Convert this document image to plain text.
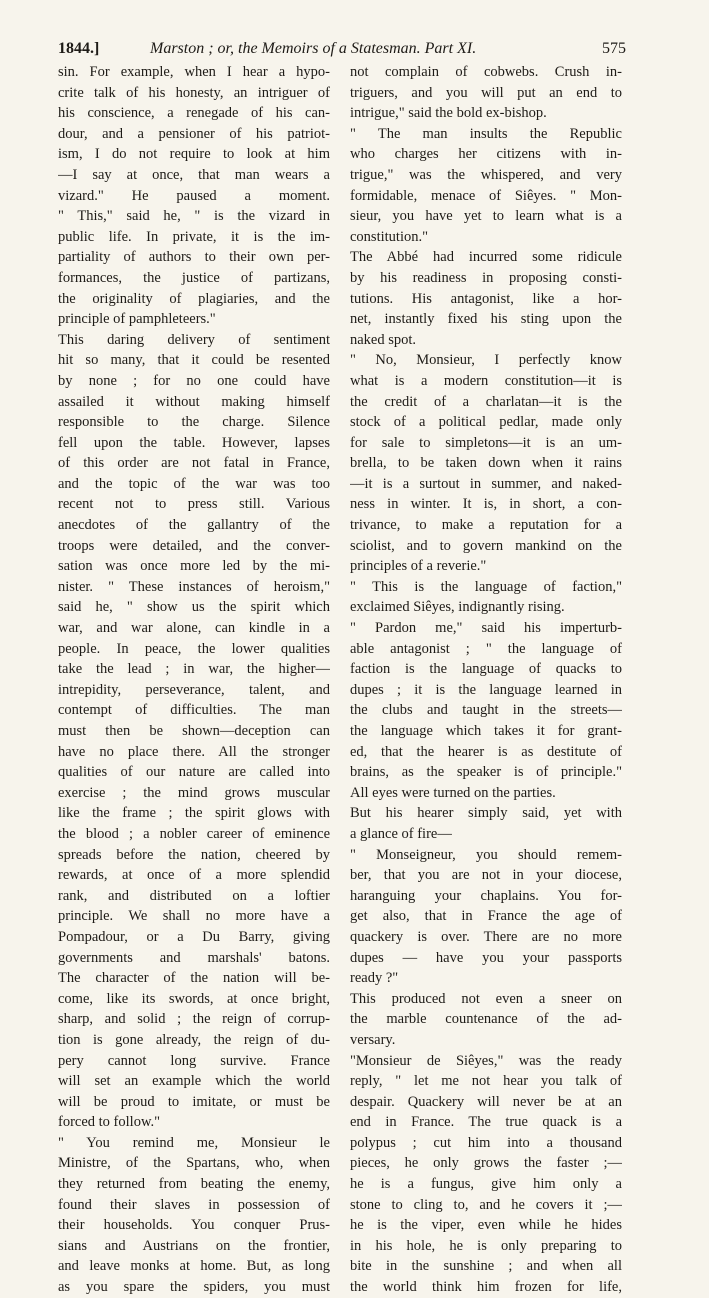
1844.]	Marston ; or, the Memoirs of a Statesman. Part XI.	575
sin. For example, when I hear a hypo-
crite talk of his honesty, an intriguer of
his conscience, a renegade of his can-
dour, and a pensioner of his patriot-
ism, I do not require to look at him
—I say at once, that man wears a
vizard." He paused a moment.
" This," said he, " is the vizard in
public life. In private, it is the im-
partiality of authors to their own per-
formances, the justice of partizans,
the originality of plagiaries, and the
principle of pamphleteers."
This daring delivery of sentiment
hit so many, that it could be resented
by none ; for no one could have
assailed it without making himself
responsible to the charge. Silence
fell upon the table. However, lapses
of this order are not fatal in France,
and the topic of the war was too
recent not to press still. Various
anecdotes of the gallantry of the
troops were detailed, and the conver-
sation was once more led by the mi-
nister. " These instances of heroism,"
said he, " show us the spirit which
war, and war alone, can kindle in a
people. In peace, the lower qualities
take the lead ; in war, the higher—
intrepidity, perseverance, talent, and
contempt of difficulties. The man
must then be shown—deception can
have no place there. All the stronger
qualities of our nature are called into
exercise ; the mind grows muscular
like the frame ; the spirit glows with
the blood ; a nobler career of eminence
spreads before the nation, cheered by
rewards, at once of a more splendid
rank, and distributed on a loftier
principle. We shall no more have a
Pompadour, or a Du Barry, giving
governments and marshals' batons.
The character of the nation will be-
come, like its swords, at once bright,
sharp, and solid ; the reign of corrup-
tion is gone already, the reign of du-
pery cannot long survive. France
will set an example which the world
will be proud to imitate, or must be
forced to follow."
" You remind me, Monsieur le
Ministre, of the Spartans, who, when
they returned from beating the enemy,
found their slaves in possession of
their households. You conquer Prus-
sians and Austrians on the frontier,
and leave monks at home. But, as long
as you spare the spiders, you must
not complain of cobwebs. Crush in-
triguers, and you will put an end to
intrigue," said the bold ex-bishop.
" The man insults the Republic
who charges her citizens with in-
trigue," was the whispered, and very
formidable, menace of Siêyes. " Mon-
sieur, you have yet to learn what is a
constitution."
The Abbé had incurred some ridicule
by his readiness in proposing consti-
tutions. His antagonist, like a hor-
net, instantly fixed his sting upon the
naked spot.
" No, Monsieur, I perfectly know
what is a modern constitution—it is
the credit of a charlatan—it is the
stock of a political pedlar, made only
for sale to simpletons—it is an um-
brella, to be taken down when it rains
—it is a surtout in summer, and naked-
ness in winter. It is, in short, a con-
trivance, to make a reputation for a
sciolist, and to govern mankind on the
principles of a reverie."
" This is the language of faction,"
exclaimed Siêyes, indignantly rising.
" Pardon me," said his imperturb-
able antagonist ; " the language of
faction is the language of quacks to
dupes ; it is the language learned in
the clubs and taught in the streets—
the language which takes it for grant-
ed, that the hearer is as destitute of
brains, as the speaker is of principle."
All eyes were turned on the parties.
But his hearer simply said, yet with
a glance of fire—
" Monseigneur, you should remem-
ber, that you are not in your diocese,
haranguing your chaplains. You for-
get also, that in France the age of
quackery is over. There are no more
dupes — have you your passports
ready ?"
This produced not even a sneer on
the marble countenance of the ad-
versary.
"Monsieur de Siêyes," was the ready
reply, " let me not hear you talk of
despair. Quackery will never be at an
end in France. The true quack is a
polypus ; cut him into a thousand
pieces, he only grows the faster ;—
he is a fungus, give him only a
stone to cling to, and he covers it ;—
he is the viper, even while he hides
in his hole, he is only preparing to
bite in the sunshine ; and when all
the world think him frozen for life,
